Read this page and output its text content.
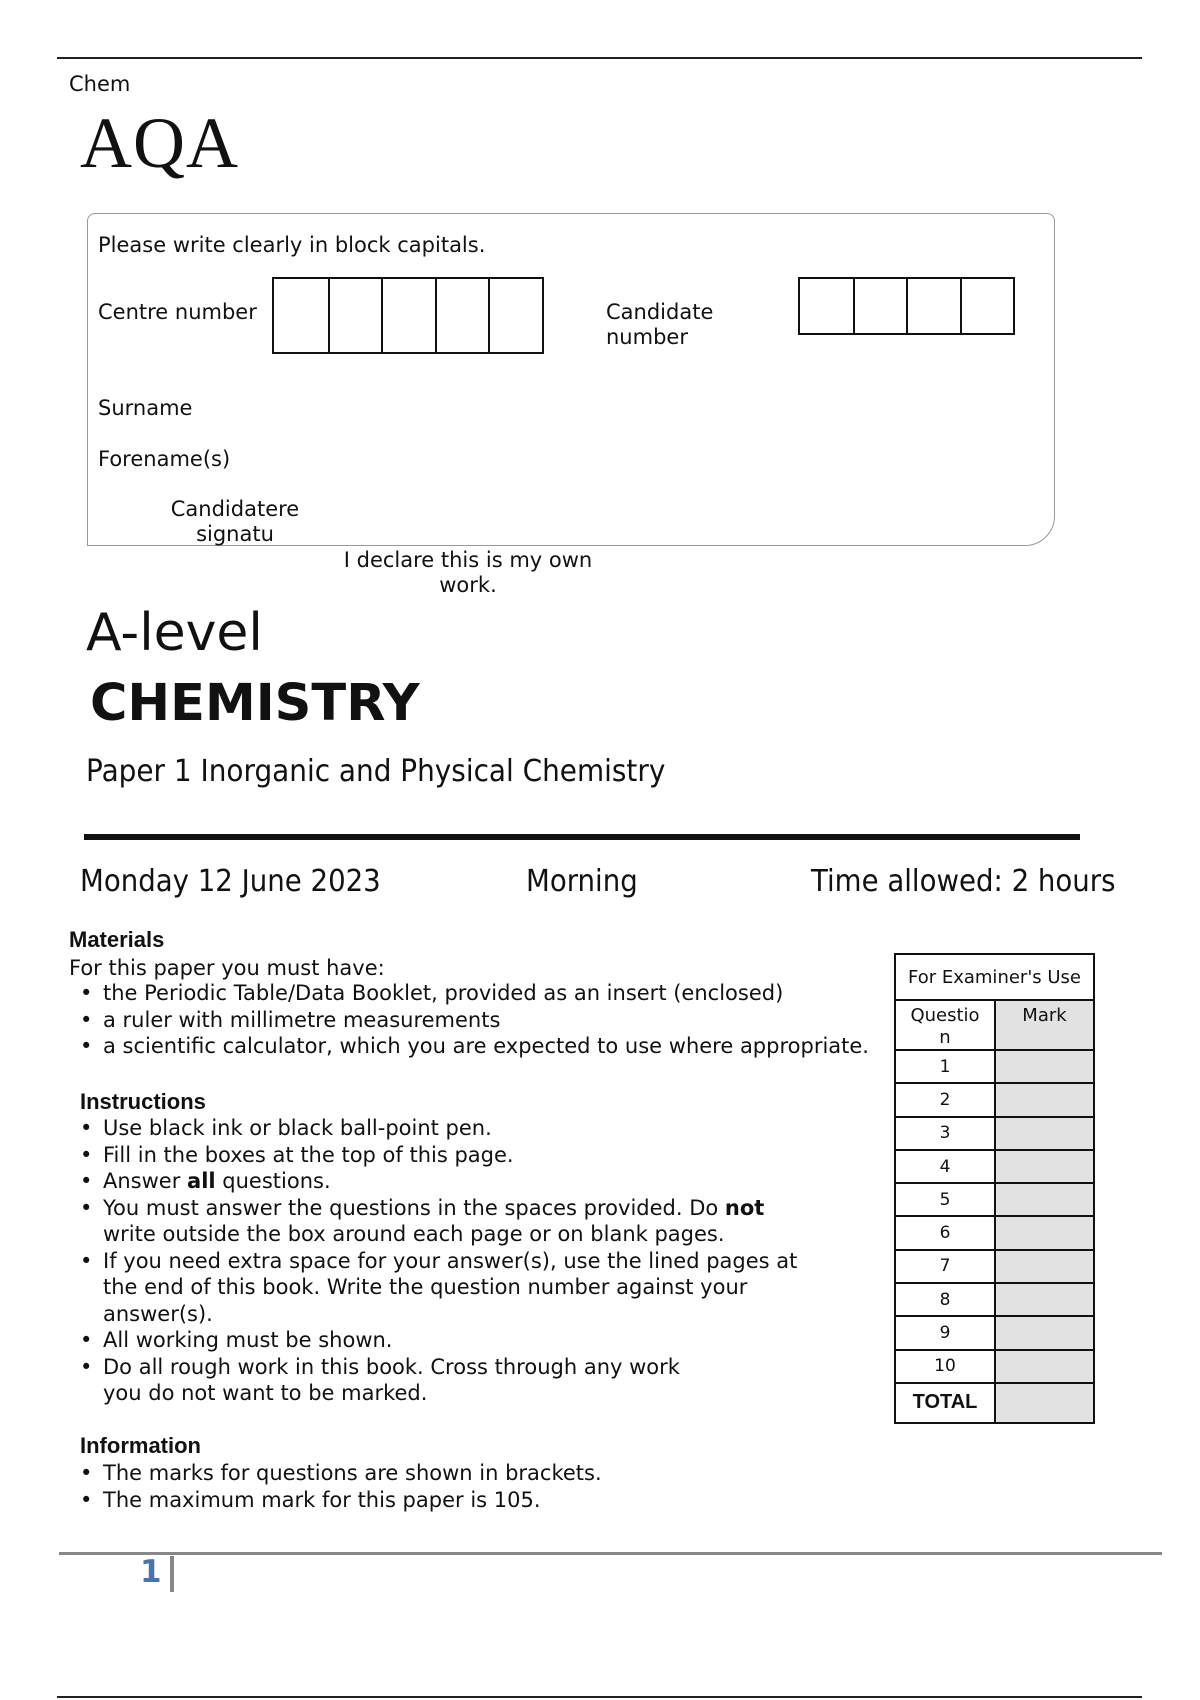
Chem
AQA
Please write clearly in block capitals.
Centre number	Candidate
number
Surname
Forename(s)
Candidatere
signatu
I declare this is my own
work.
A-level
CHEMISTRY
Paper 1 Inorganic and Physical Chemistry
Monday 12 June 2023	Morning	Time allowed: 2 hours
Materials
For this paper you must have:
• the Periodic Table/Data Booklet, provided as an insert (enclosed)
• a ruler with millimetre measurements
• a scientific calculator, which you are expected to use where appropriate.
Instructions
• Use black ink or black ball-point pen.
• Fill in the boxes at the top of this page.
• Answer all questions.
• You must answer the questions in the spaces provided. Do not
write outside the box around each page or on blank pages.
• If you need extra space for your answer(s), use the lined pages at
the end of this book. Write the question number against your
answer(s).
• All working must be shown.
• Do all rough work in this book. Cross through any work
you do not want to be marked.
Information
• The marks for questions are shown in brackets.
• The maximum mark for this paper is 105.
For Examiner's Use	

Questio
n	Mark
1	
2	
3	
4	
5	
6	
7	
8	
9	
10	
TOTAL	
1
